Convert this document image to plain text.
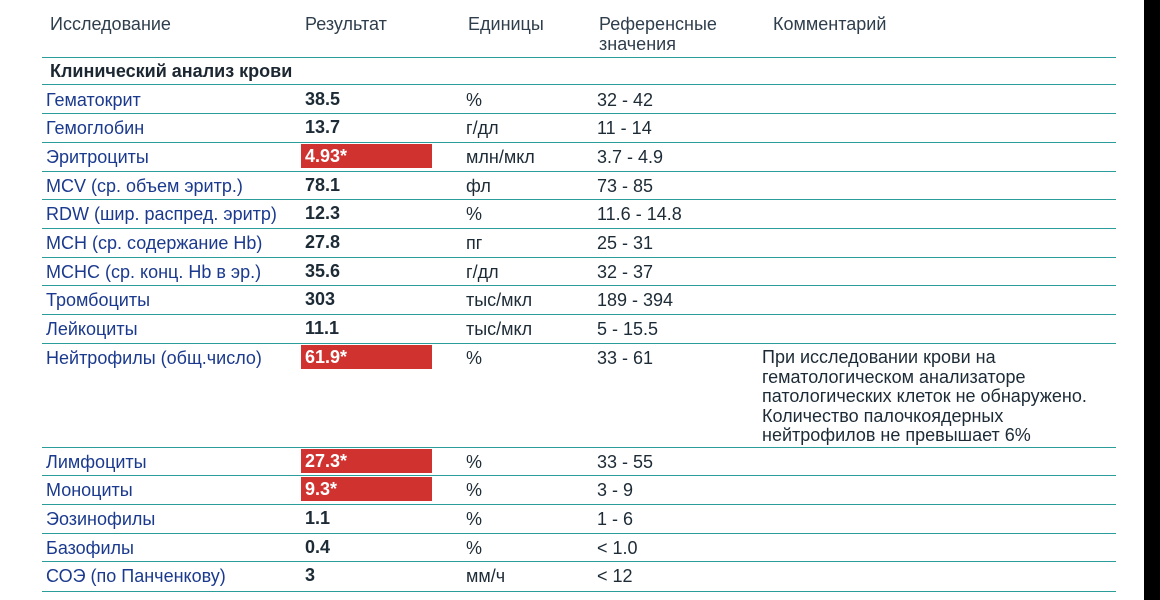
Исследование	Результат	Единицы	Референсные
значения
Комментарий
Клинический анализ крови
Гематокрит	38.5	%	32 - 42
Гемоглобин	13.7	г/дл	11 - 14
Эритроциты	4.93*	млн/мкл	3.7 - 4.9
MCV (ср. объем эритр.)	78.1	фл	73 - 85
RDW (шир. распред. эритр) 12.3	%	11.6 - 14.8
MCH (ср. содержание Hb) 27.8	пг	25 - 31
MCHC (ср. конц. Hb в эр.) 35.6	г/дл	32 - 37
Тромбоциты	303	тыс/мкл	189 - 394
Лейкоциты	11.1	тыс/мкл	5 - 15.5
Нейтрофилы (общ.число) 61.9*	%	33 - 61	При исследовании крови на
гематологическом анализаторе
патологических клеток не обнаружено.
Количество палочкоядерных
нейтрофилов не превышает 6%
Лимфоциты	27.3*	%	33 - 55
Моноциты	9.3*	%	3 - 9
Эозинофилы	1.1	%	1 - 6
Базофилы	0.4	%	< 1.0
СОЭ (по Панченкову)	3	мм/ч	< 12
